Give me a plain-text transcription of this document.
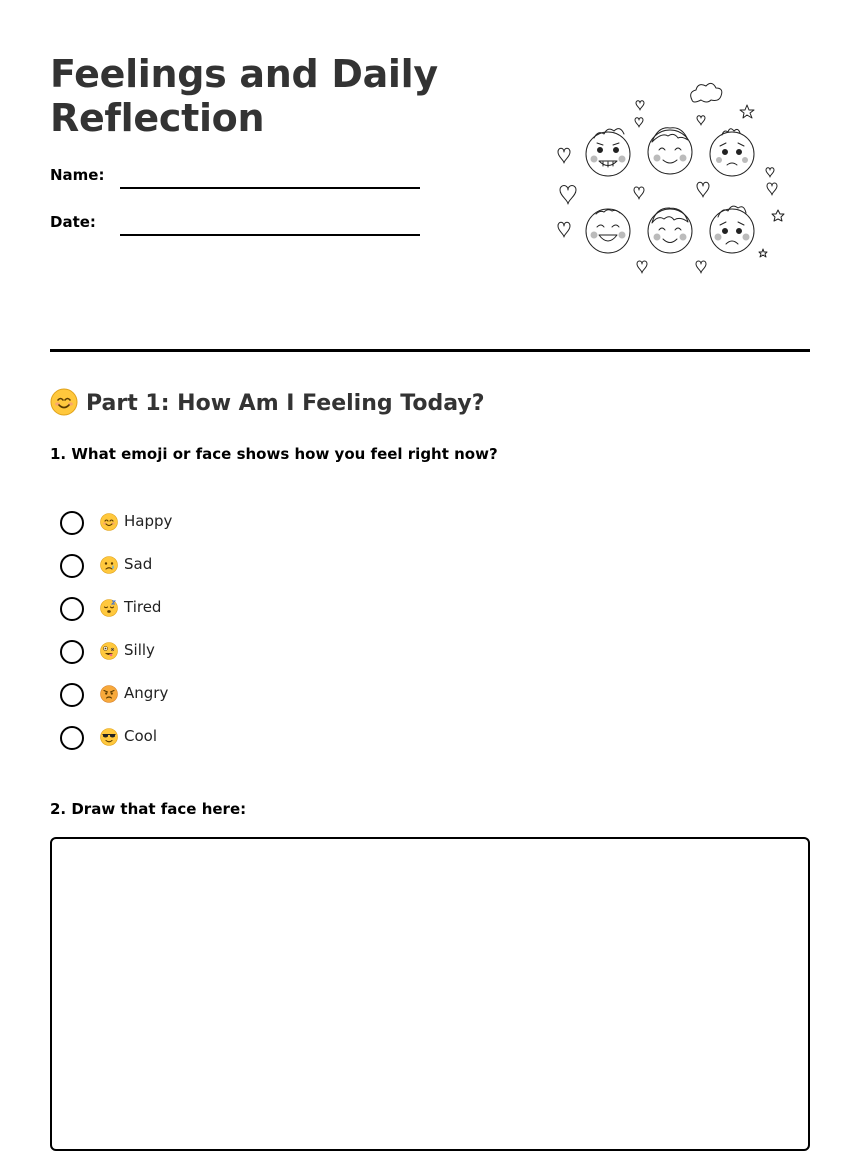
Feelings and Daily Reflection
Name:
Date:
Part 1: How Am I Feeling Today?

1. What emoji or face shows how you feel right now?

Happy
Sad
Tired
Silly
Angry
Cool

2. Draw that face here:
